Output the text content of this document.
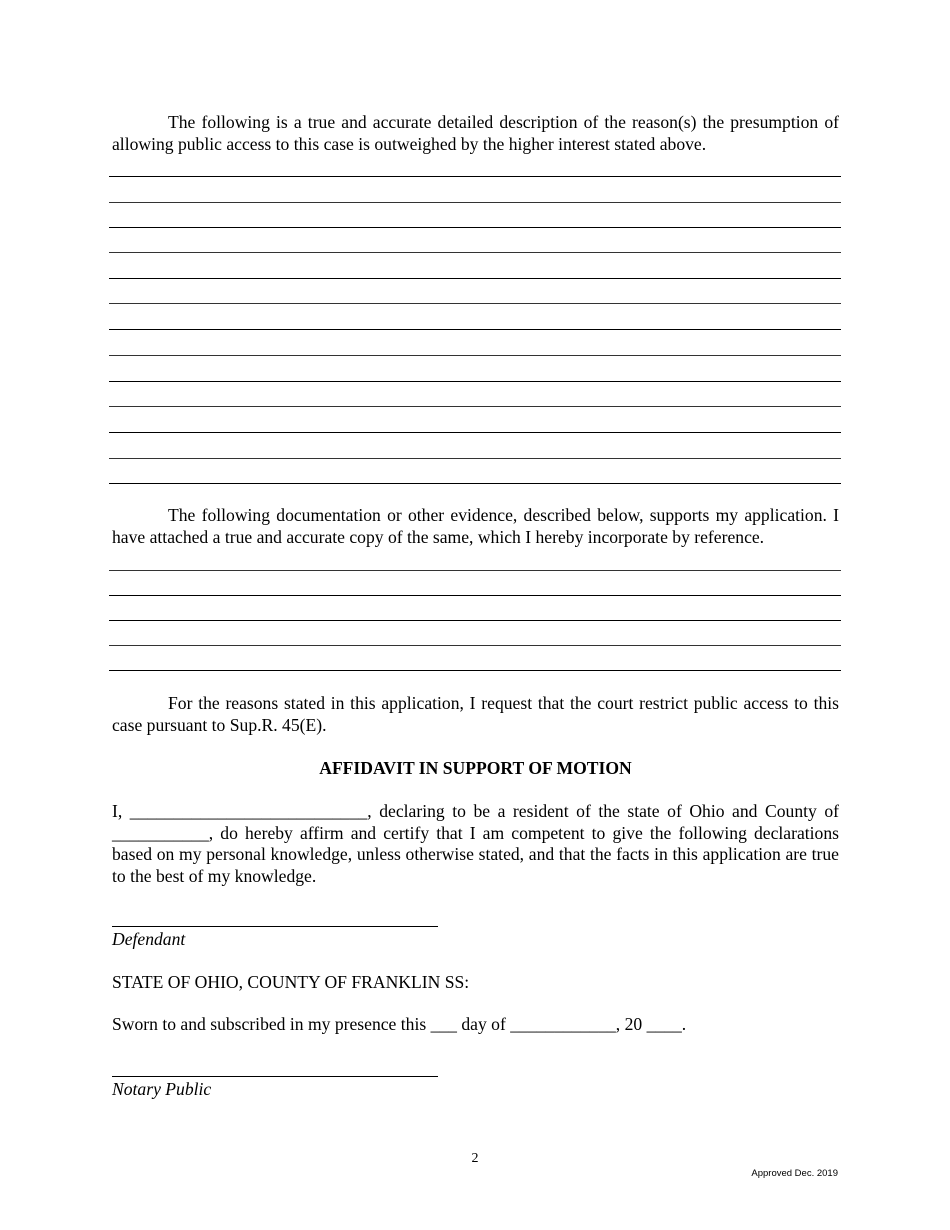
The following is a true and accurate detailed description of the reason(s) the presumption of allowing public access to this case is outweighed by the higher interest stated above.

The following documentation or other evidence, described below, supports my application. I have attached a true and accurate copy of the same, which I hereby incorporate by reference.

For the reasons stated in this application, I request that the court restrict public access to this case pursuant to Sup.R. 45(E).

AFFIDAVIT IN SUPPORT OF MOTION

I, ___________________________, declaring to be a resident of the state of Ohio and County of ___________, do hereby affirm and certify that I am competent to give the following declarations based on my personal knowledge, unless otherwise stated, and that the facts in this application are true to the best of my knowledge.

Defendant

STATE OF OHIO, COUNTY OF FRANKLIN SS:

Sworn to and subscribed in my presence this ___ day of ____________, 20 ____.

Notary Public

2

Approved Dec. 2019
